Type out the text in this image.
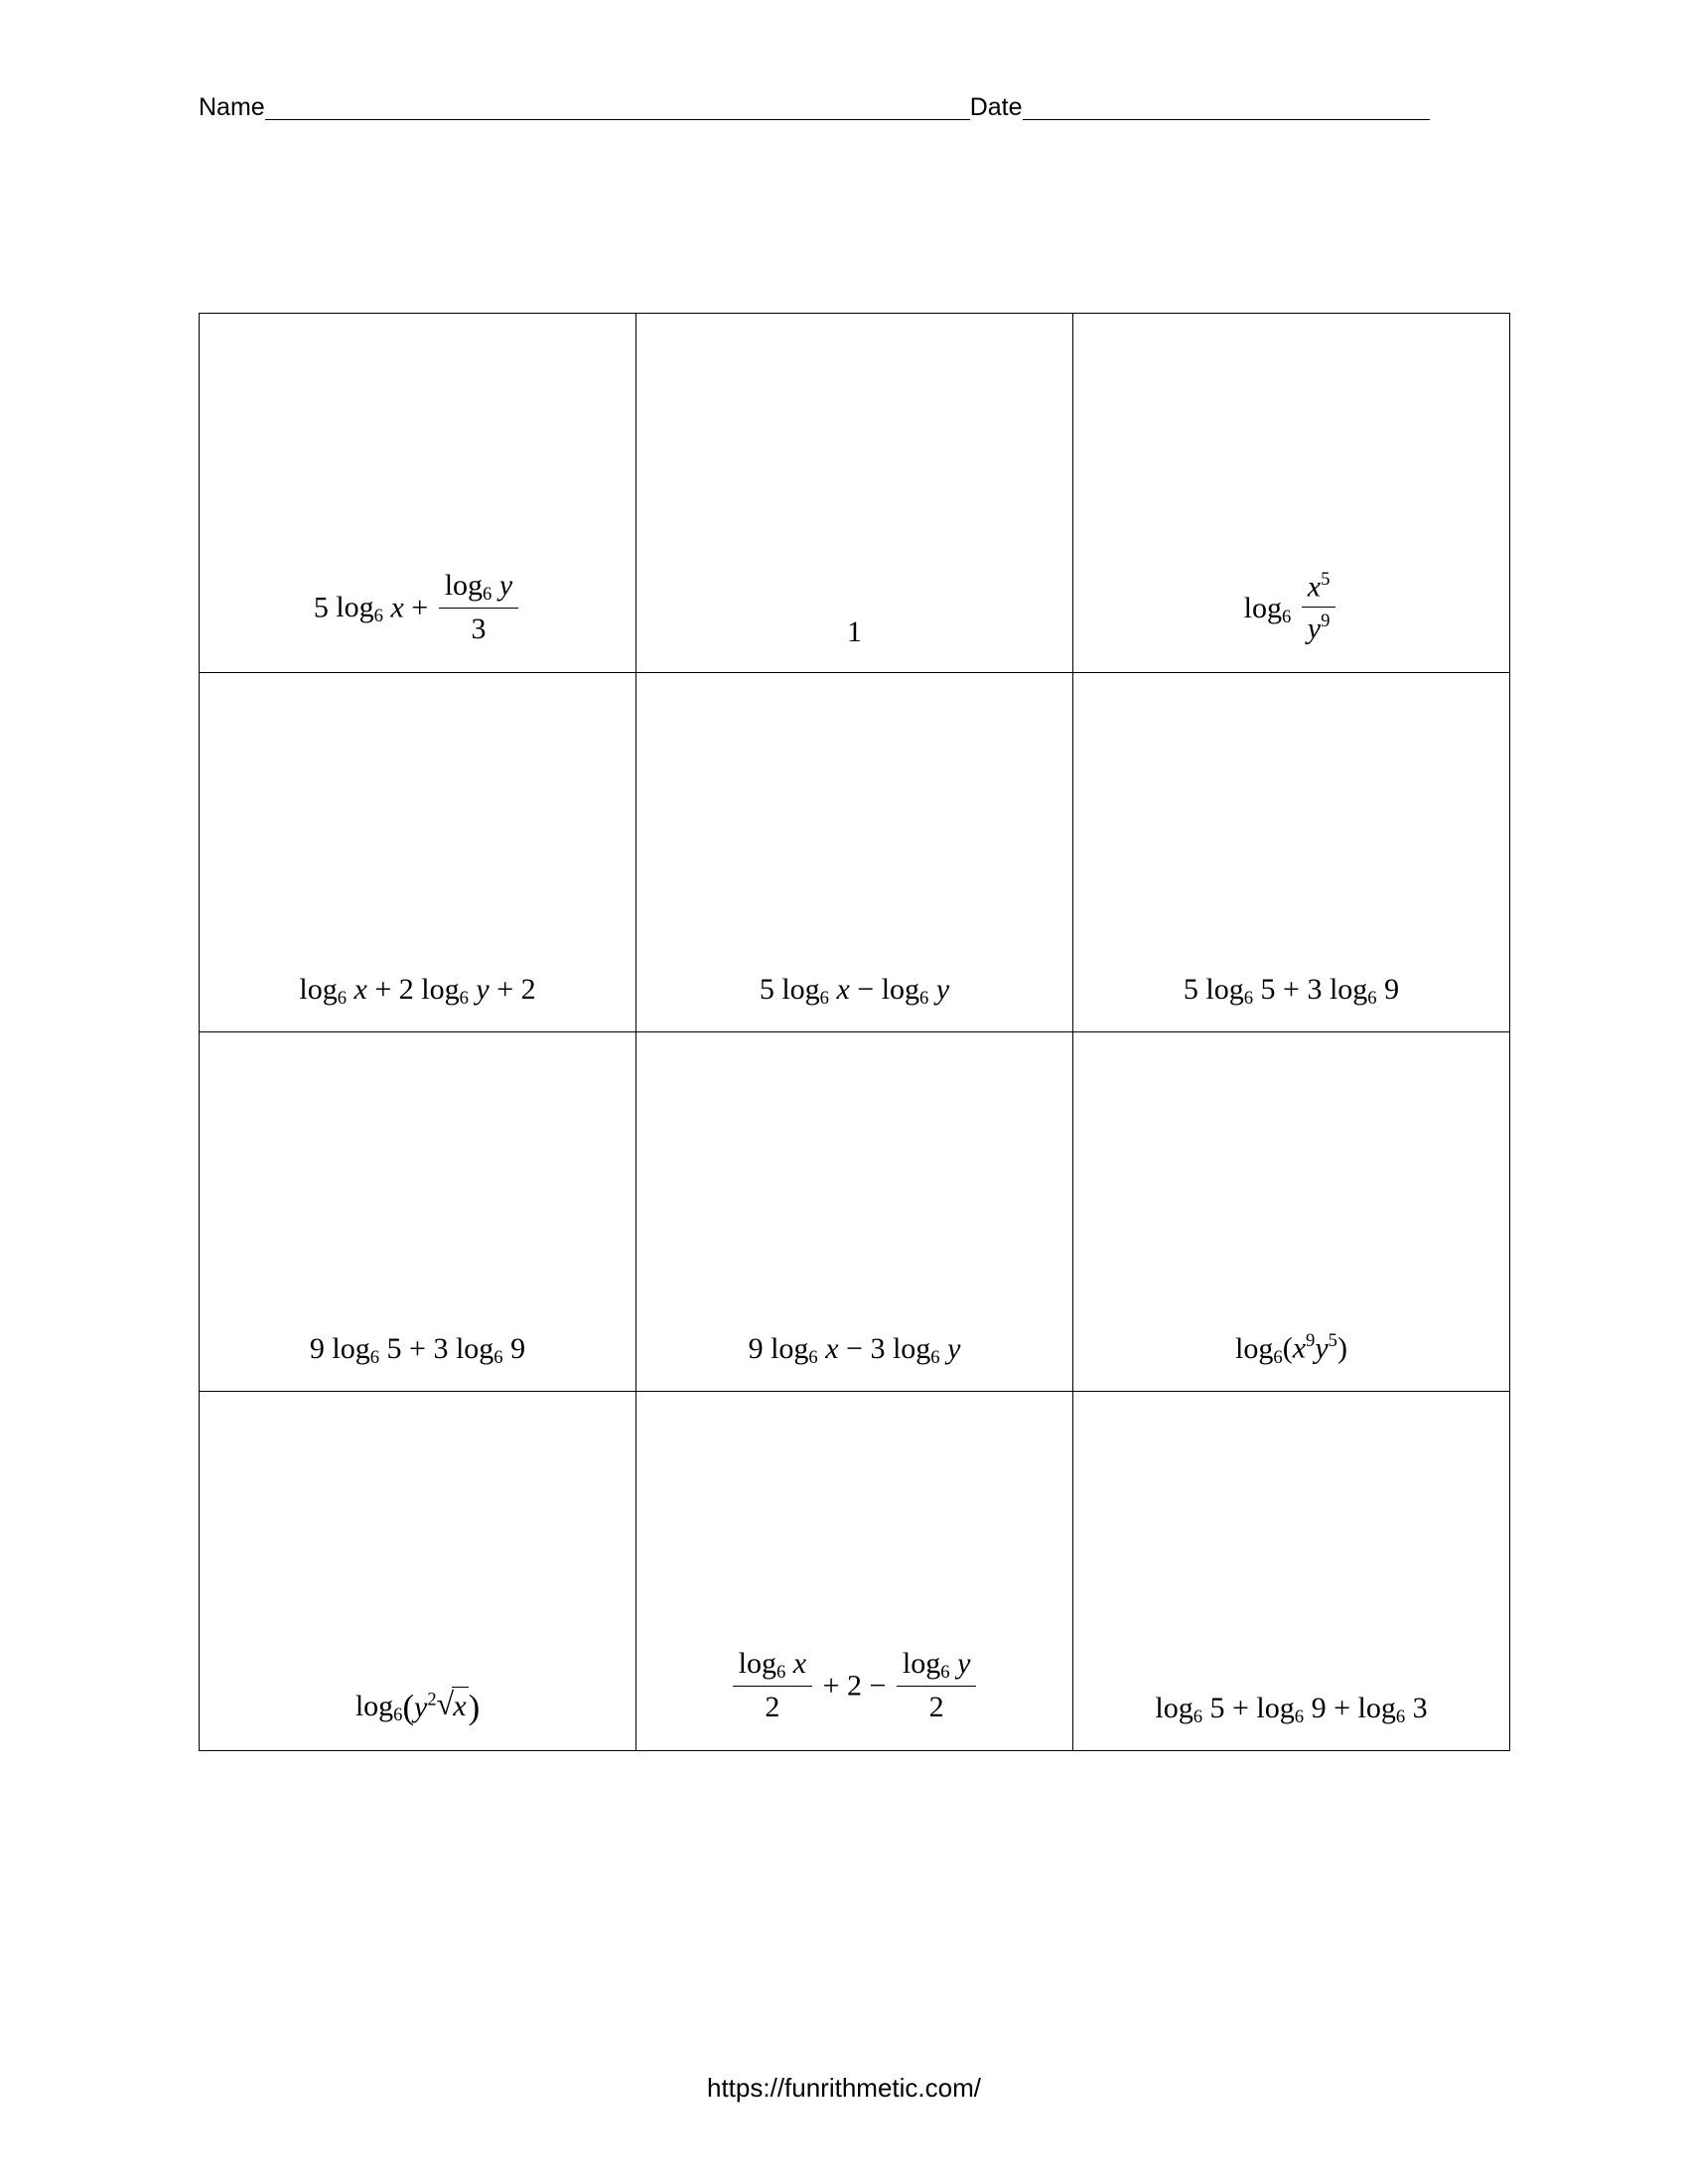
Name	Date
5 $\log_6 x + \frac{\log_6 y}{3}$	1	$\log_6 \frac{x^5}{y^9}$

$\log_6 x + 2$ $\log_6 y + 2$	5 $\log_6 x - \log_6 y$	5 $\log_6 5 + 3$ $\log_6 9$
9 $\log_6 5 + 3$ $\log_6 9$	9 $\log_6 x - 3$ $\log_6 y$	$\log_6(x^9y^5)$
$\log_6(y^2$ √ x)	$\frac{\log_6 x}{2} + 2 - \frac{\log_6 y}{2}$	$\log_6 5 + \log_6 9 + \log_6 3$
https://funrithmetic.com/
